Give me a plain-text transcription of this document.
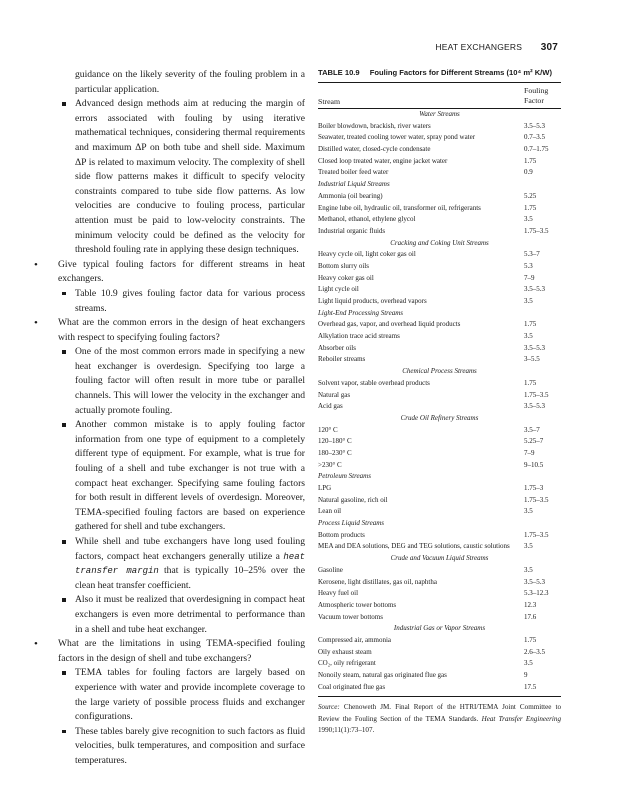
HEAT EXCHANGERS 307

guidance on the likely severity of the fouling problem in a particular application.

Advanced design methods aim at reducing the margin of errors associated with fouling by using iterative mathematical techniques, considering thermal requirements and maximum ΔP on both tube and shell side. Maximum ΔP is related to maximum velocity. The complexity of shell side flow patterns makes it difficult to specify velocity constraints compared to tube side flow patterns. As low velocities are conducive to fouling process, particular attention must be paid to low-velocity constraints. The minimum velocity could be defined as the velocity for threshold fouling rate in applying these design techniques.

• Give typical fouling factors for different streams in heat exchangers.

Table 10.9 gives fouling factor data for various process streams.

• What are the common errors in the design of heat exchangers with respect to specifying fouling factors?

One of the most common errors made in specifying a new heat exchanger is overdesign. Specifying too large a fouling factor will often result in more tube or parallel channels. This will lower the velocity in the exchanger and actually promote fouling.

Another common mistake is to apply fouling factor information from one type of equipment to a completely different type of equipment. For example, what is true for fouling of a shell and tube exchanger is not true with a compact heat exchanger. Specifying same fouling factors for both result in different levels of overdesign. Moreover, TEMA-specified fouling factors are based on experience gathered for shell and tube exchangers.

While shell and tube exchangers have long used fouling factors, compact heat exchangers generally utilize a heat transfer margin that is typically 10–25% over the clean heat transfer coefficient.

Also it must be realized that overdesigning in compact heat exchangers is even more detrimental to performance than in a shell and tube heat exchanger.

• What are the limitations in using TEMA-specified fouling factors in the design of shell and tube exchangers?

TEMA tables for fouling factors are largely based on experience with water and provide incomplete coverage to the large variety of possible process fluids and exchanger configurations.

These tables barely give recognition to such factors as fluid velocities, bulk temperatures, and composition and surface temperatures.

TABLE 10.9 Fouling Factors for Different Streams (10⁴ m² K/W)
Stream
Fouling
Factor
Water Streams
Boiler blowdown, brackish, river waters	3.5–5.3
Seawater, treated cooling tower water, spray pond water	0.7–3.5
Distilled water, closed-cycle condensate	0.7–1.75
Closed loop treated water, engine jacket water	1.75
Treated boiler feed water	0.9
Industrial Liquid Streams
Ammonia (oil bearing)	5.25
Engine lube oil, hydraulic oil, transformer oil, refrigerants	1.75
Methanol, ethanol, ethylene glycol	3.5
Industrial organic fluids	1.75–3.5
Cracking and Coking Unit Streams
Heavy cycle oil, light coker gas oil	5.3–7
Bottom slurry oils	5.3
Heavy coker gas oil	7–9
Light cycle oil	3.5–5.3
Light liquid products, overhead vapors	3.5
Light-End Processing Streams
Overhead gas, vapor, and overhead liquid products	1.75
Alkylation trace acid streams	3.5
Absorber oils	3.5–5.3
Reboiler streams	3–5.5
Chemical Process Streams
Solvent vapor, stable overhead products	1.75
Natural gas	1.75–3.5
Acid gas	3.5–5.3
Crude Oil Refinery Streams
120° C	3.5–7
120–180° C	5.25–7
180–230° C	7–9
>230° C	9–10.5
Petroleum Streams
LPG	1.75–3
Natural gasoline, rich oil	1.75–3.5
Lean oil	3.5
Process Liquid Streams
Bottom products	1.75–3.5
MEA and DEA solutions, DEG and TEG solutions, caustic solutions 3.5
Crude and Vacuum Liquid Streams
Gasoline	3.5
Kerosene, light distillates, gas oil, naphtha	3.5–5.3
Heavy fuel oil	5.3–12.3
Atmospheric tower bottoms	12.3
Vacuum tower bottoms	17.6
Industrial Gas or Vapor Streams
Compressed air, ammonia	1.75
Oily exhaust steam	2.6–3.5
CO₂, oily refrigerant	3.5
Nonoily steam, natural gas originated flue gas	9
Coal originated flue gas	17.5
Source: Chenoweth JM. Final Report of the HTRI/TEMA Joint Committee to Review the Fouling Section of the TEMA Standards. Heat Transfer Engineering 1990;11(1):73–107.
